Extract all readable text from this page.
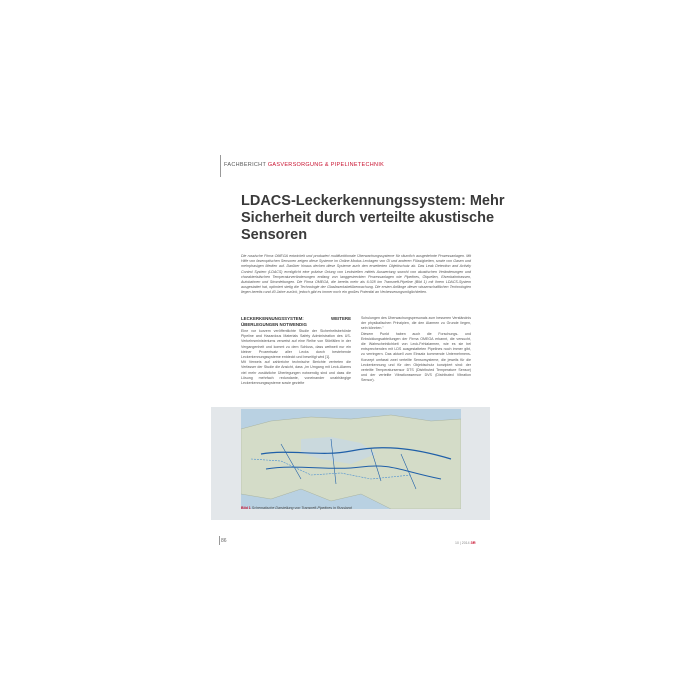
FACHBERICHT GASVERSORGUNG & PIPELINETECHNIK
LDACS-Leckerkennungssystem: Mehr
Sicherheit durch verteilte akustische
Sensoren
Die russische Firma OMEGA entwickelt und produziert multifunktionale Überwachungssysteme für räumlich ausgedehnte Prozessanlagen. Mit Hilfe von faseroptischen Sensoren zeigen diese Systeme im Online-Modus Leckagen von Öl und anderen Flüssigkeiten, sowie von Gasen und mehrphasigen Medien auf. Darüber hinaus decken diese Systeme auch den erweiterten Objektschutz ab. Das Leak Detection and Activity Control System (LDACS) ermöglicht eine präzise Ortung von Leckstellen mittels Auswertung sowohl von akustischen Veränderungen und charakteristischen Temperaturveränderungen entlang von langgestreckten Prozessanlagen wie Pipelines, Ölquellen, Eisenbahntrassen, Autobahnen und Stromleitungen. Die Firma OMEGA, die bereits mehr als 6.028 km Transneft-Pipeline (Bild 1) mit ihrem LDACS-System ausgestattet hat, optimiert stetig die Technologie der Glasfaserkabelüberwachung. Die ersten Anfänge dieser wissenschaftlichen Technologien liegen bereits rund 40 Jahre zurück, jedoch gibt es immer noch ein großes Potential an Verbesserungsmöglichkeiten.
LECKERKENNUNGSSYSTEM: WEITERE ÜBERLEGUNGEN NOTWENDIG

Eine vor kurzem veröffentlichte Studie der Sicherheitsbehörde Pipeline and Hazardous Materials Safety Administration des US-Verkehrsministeriums verweist auf eine Reihe von Störfällen in der Vergangenheit und kommt zu dem Schluss, dass weltweit nur ein kleiner Prozentsatz aller Lecks durch bestehende Leckerkennungssysteme entdeckt und beseitigt wird [1].

Mit Verweis auf zahlreiche technische Berichte vertreten die Verfasser der Studie die Ansicht, dass „im Umgang mit Leck-Alarms viel mehr zusätzliche Überlegungen notwendig sind und dass die Lösung mehrfach redundante, voneinander unabhängige Leckerkennungssysteme sowie gezielte

Schulungen des Überwachungspersonals zum besseren Verständnis der physikalischen Prinzipien, die den Alarmen zu Grunde liegen, sein könnten."

Diesem Punkt haben auch die Forschungs- und Entwicklungsabteilungen der Firma OMEGA erkannt, die versucht, die Wahrscheinlichkeit von Leck-Fehlalarmen, wie es sie bei entsprechenden mit LDS ausgestatteten Pipelines noch immer gibt, zu verringern. Das aktuell zum Einsatz kommende Unternehmens-Konzept umfasst zwei verteilte Sensorsysteme, die jeweils für die Leckerkennung und für den Objektschutz konzipiert sind: der verteilte Temperatursensor DTS (Distributed Temperature Sensor) und der verteilte Vibrationssensor DVS (Distributed Vibration Sensor).

Bild 1 Schematische Darstellung von Transneft-Pipelines in Russland
86	10 | 2014 3R
